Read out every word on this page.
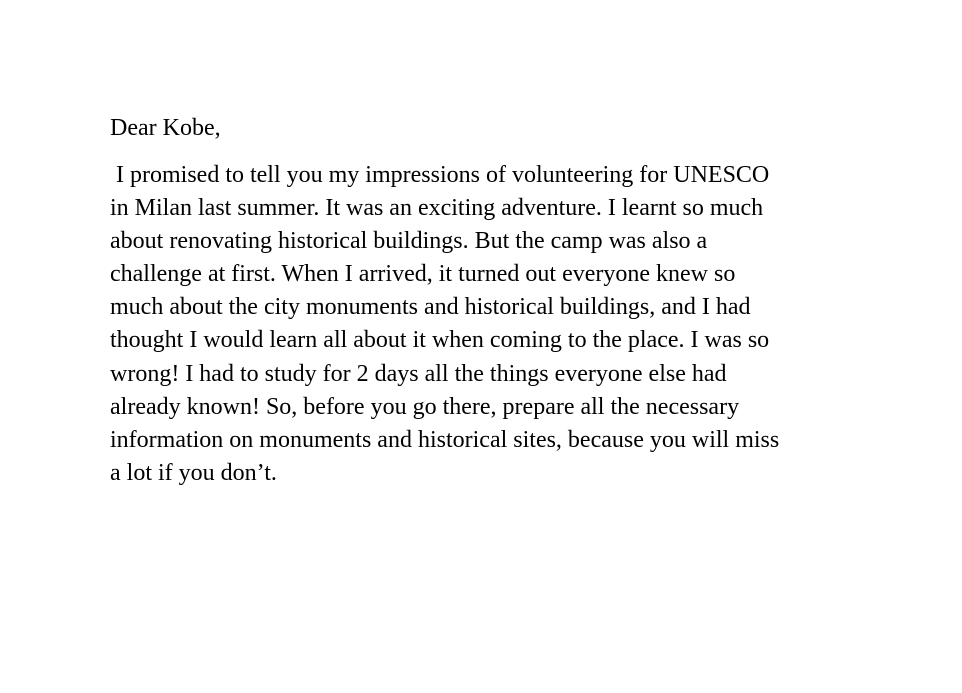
Dear Kobe,

I promised to tell you my impressions of volunteering for UNESCO

in Milan last summer. It was an exciting adventure. I learnt so much

about renovating historical buildings. But the camp was also a

challenge at first. When I arrived, it turned out everyone knew so

much about the city monuments and historical buildings, and I had

thought I would learn all about it when coming to the place. I was so

wrong! I had to study for 2 days all the things everyone else had

already known! So, before you go there, prepare all the necessary

information on monuments and historical sites, because you will miss

a lot if you don’t.
